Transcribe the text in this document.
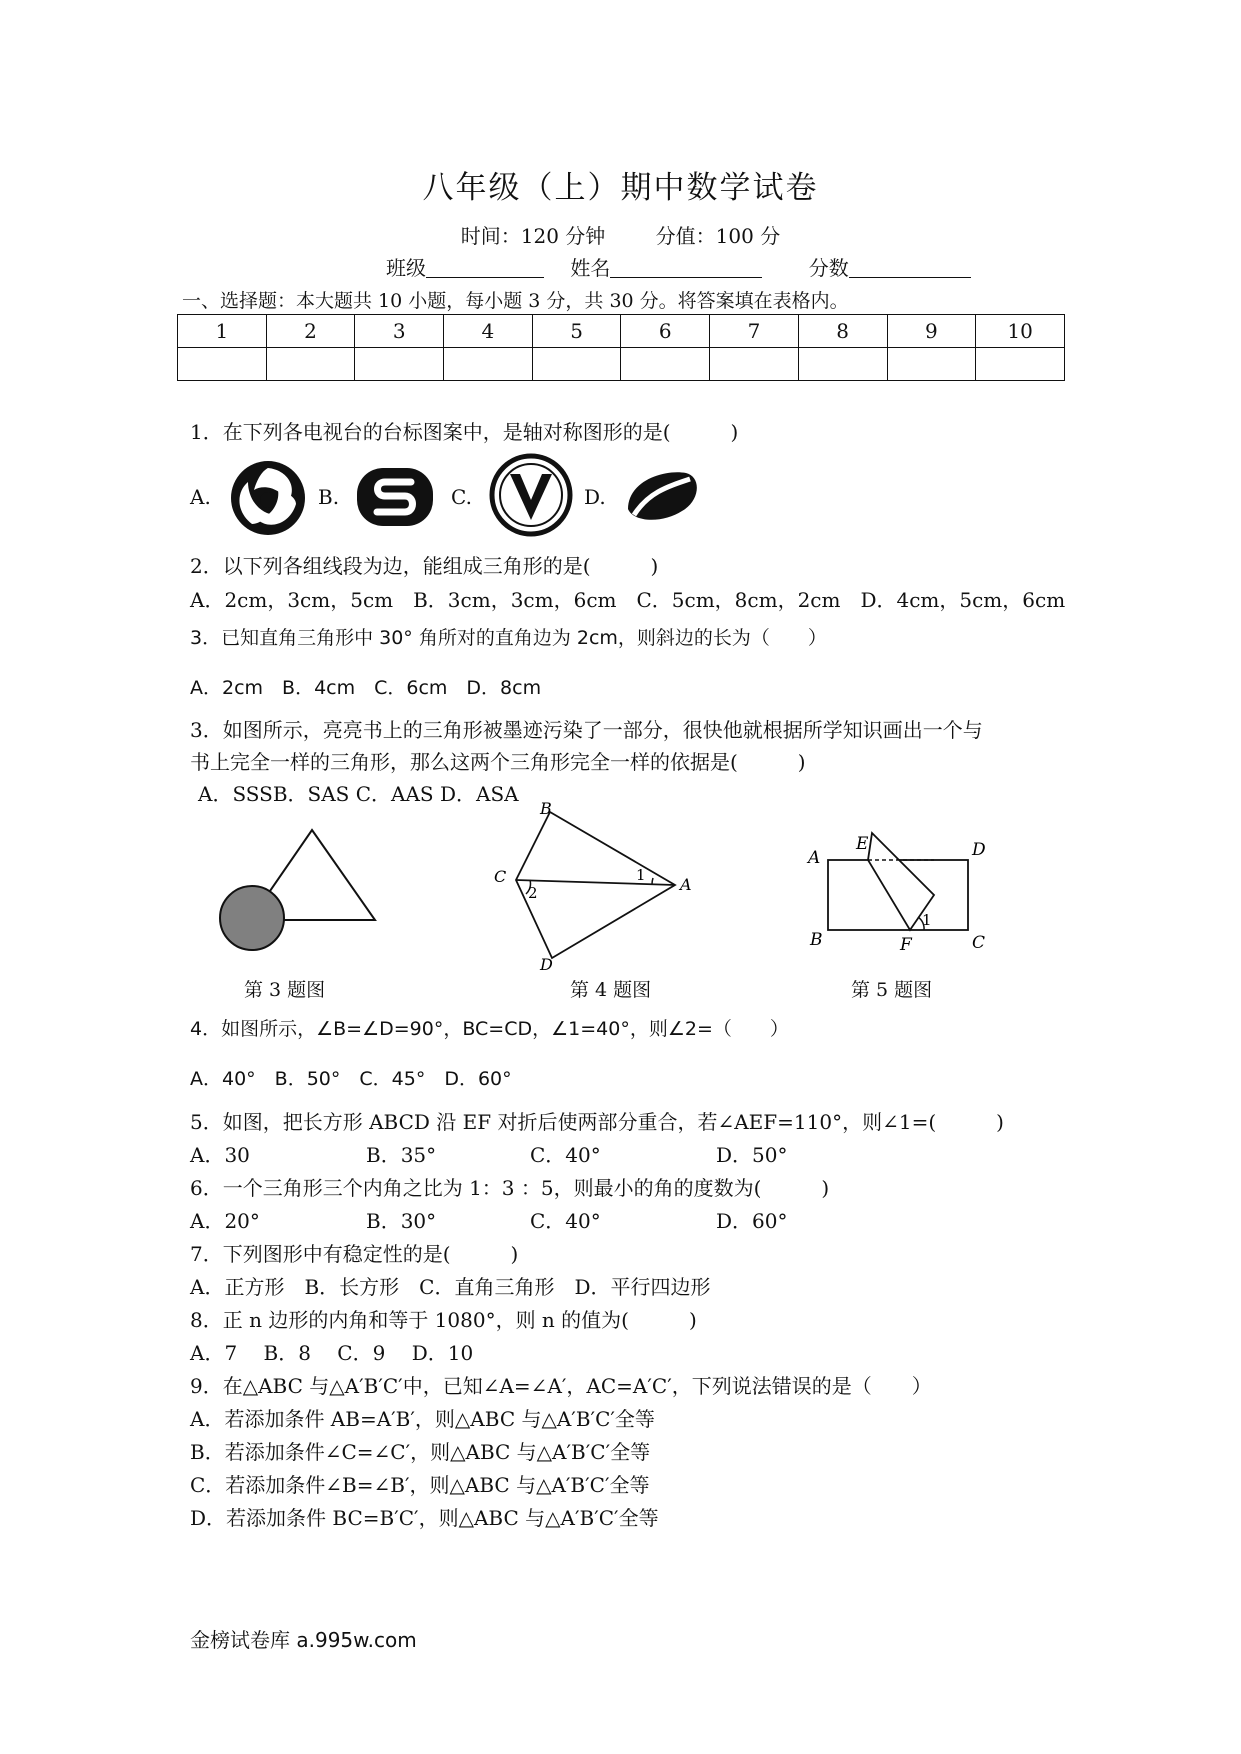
八年级（上）期中数学试卷
时间：120 分钟	分值：100 分
班级	姓名	分数
一、选择题：本大题共 10 小题，每小题 3 分，共 30 分。将答案填在表格内。
1	2	3	4	5	6	7	8	9	10

1．在下列各电视台的台标图案中，是轴对称图形的是(　　　)
A.	B.	C.	D.
2．以下列各组线段为边，能组成三角形的是(　　　)
A．2cm，3cm，5cm　B．3cm，3cm，6cm　C．5cm，8cm，2cm　D．4cm，5cm，6cm
3．已知直角三角形中 30° 角所对的直角边为 2cm，则斜边的长为（　　）
A．2cm　B．4cm　C．6cm　D．8cm
3．如图所示，亮亮书上的三角形被墨迹污染了一部分，很快他就根据所学知识画出一个与
书上完全一样的三角形，那么这两个三角形完全一样的依据是(　　　)
A．SSSB．SAS C．AAS D．ASA
B
C	A
D
1
2
A
E	D
B	F	C
1
第 3 题图	第 4 题图	第 5 题图
4．如图所示，∠B=∠D=90°，BC=CD，∠1=40°，则∠2=（　　）
A．40°　B．50°　C．45°　D．60°
5．如图，把长方形 ABCD 沿 EF 对折后使两部分重合，若∠AEF=110°，则∠1=(　　　)
A．30	B．35°	C．40°	D．50°
6．一个三角形三个内角之比为 1：3 ：5，则最小的角的度数为(　　　)
A．20°	B．30°	C．40°	D．60°
7．下列图形中有稳定性的是(　　　)
A．正方形　B．长方形　C．直角三角形　D．平行四边形
8．正 n 边形的内角和等于 1080°，则 n 的值为(　　　)
A．7　 B．8　 C．9　 D．10
9．在△ABC 与△A′B′C′中，已知∠A=∠A′，AC=A′C′，下列说法错误的是（　　）
A．若添加条件 AB=A′B′，则△ABC 与△A′B′C′全等
B．若添加条件∠C=∠C′，则△ABC 与△A′B′C′全等
C．若添加条件∠B=∠B′，则△ABC 与△A′B′C′全等
D．若添加条件 BC=B′C′，则△ABC 与△A′B′C′全等
金榜试卷库 a.995w.com
